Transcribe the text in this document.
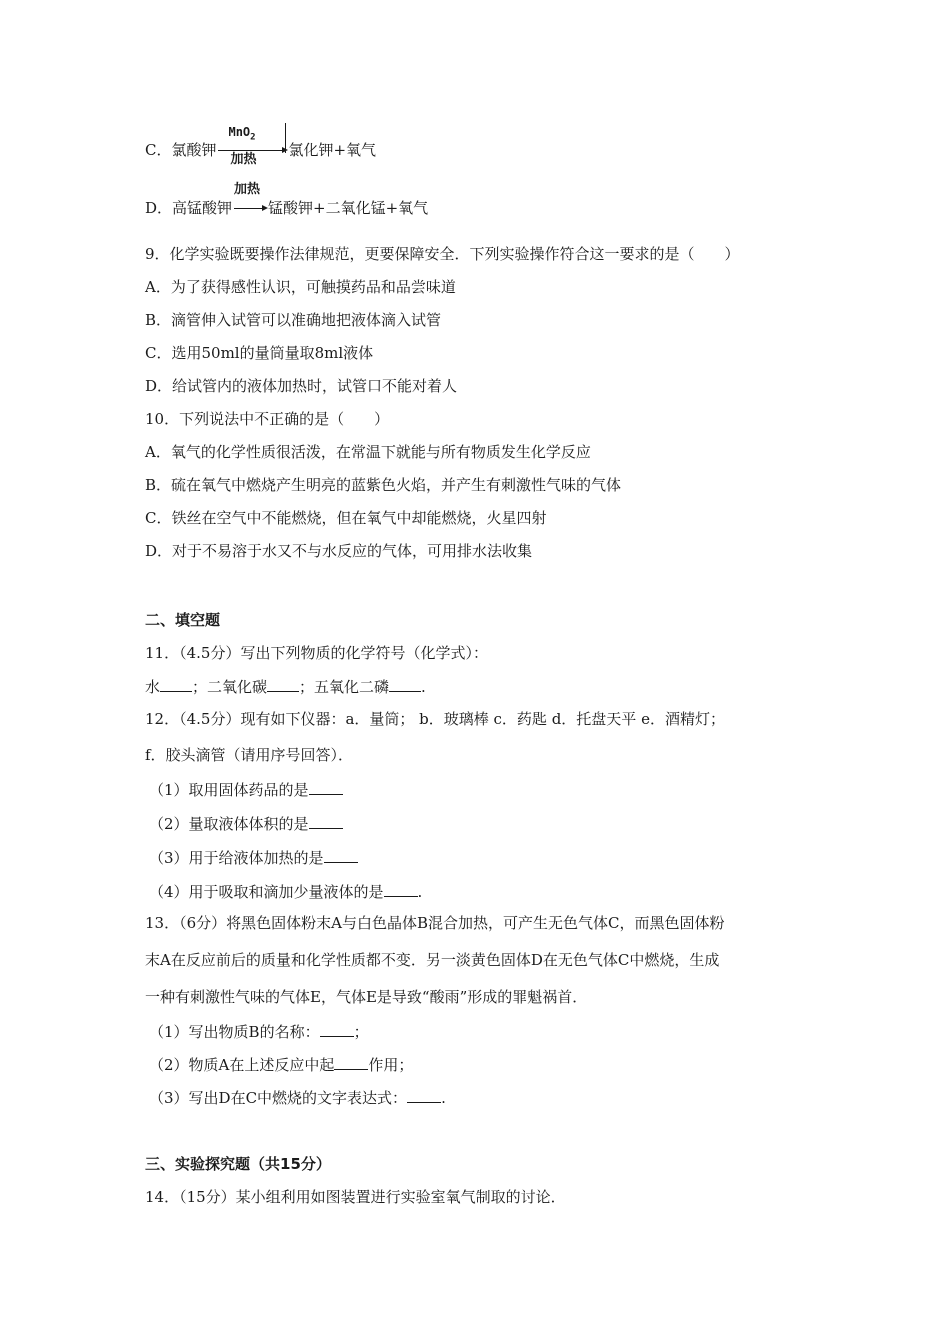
C．氯酸钾
MnO$_2$
加热
氯化钾+氧气
D．高锰酸钾
加热
锰酸钾+二氧化锰+氧气
9．化学实验既要操作法律规范，更要保障安全．下列实验操作符合这一要求的是（　　）
A．为了获得感性认识，可触摸药品和品尝味道
B．滴管伸入试管可以准确地把液体滴入试管
C．选用50ml的量筒量取8ml液体
D．给试管内的液体加热时，试管口不能对着人
10．下列说法中不正确的是（　　）
A．氧气的化学性质很活泼，在常温下就能与所有物质发生化学反应
B．硫在氧气中燃烧产生明亮的蓝紫色火焰，并产生有刺激性气味的气体
C．铁丝在空气中不能燃烧，但在氧气中却能燃烧，火星四射
D．对于不易溶于水又不与水反应的气体，可用排水法收集
二、填空题
11．（4.5分）写出下列物质的化学符号（化学式）：
水 ；二氧化碳 ；五氧化二磷 .
12．（4.5分）现有如下仪器：a．量筒； b．玻璃棒 c．药匙 d．托盘天平 e．酒精灯；
f．胶头滴管（请用序号回答）．
（1）取用固体药品的是
（2）量取液体体积的是
（3）用于给液体加热的是
（4）用于吸取和滴加少量液体的是 .
13．（6分）将黑色固体粉末A与白色晶体B混合加热，可产生无色气体C，而黑色固体粉
末A在反应前后的质量和化学性质都不变．另一淡黄色固体D在无色气体C中燃烧，生成
一种有刺激性气味的气体E，气体E是导致“酸雨”形成的罪魁祸首．
（1）写出物质B的名称： ；
（2）物质A在上述反应中起 作用；
（3）写出D在C中燃烧的文字表达式： .
三、实验探究题（共15分）
14．（15分）某小组利用如图装置进行实验室氧气制取的讨论．
